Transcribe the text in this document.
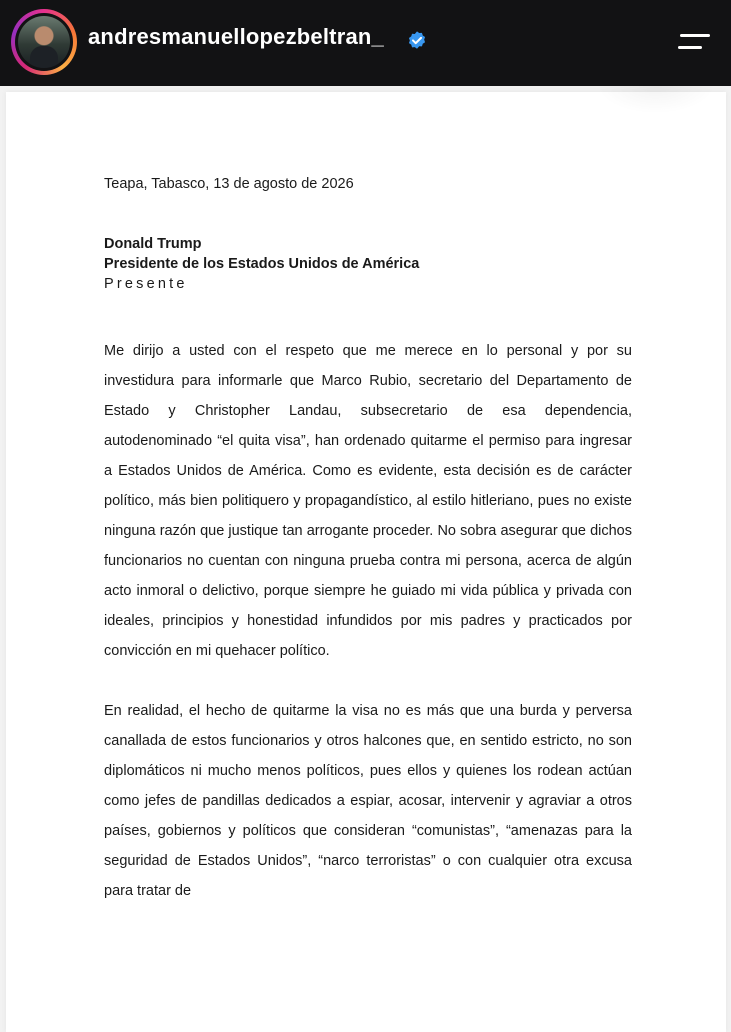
andresmanuellopezbeltran_

Teapa, Tabasco, 13 de agosto de 2026

Donald Trump

Presidente de los Estados Unidos de América

Presente

Me dirijo a usted con el respeto que me merece en lo personal y por su investidura para informarle que Marco Rubio, secretario del Departamento de Estado y Christopher Landau, subsecretario de esa dependencia, autodenominado “el quita visa”, han ordenado quitarme el permiso para ingresar a Estados Unidos de América. Como es evidente, esta decisión es de carácter político, más bien politiquero y propagandístico, al estilo hitleriano, pues no existe ninguna razón que justique tan arrogante proceder. No sobra asegurar que dichos funcionarios no cuentan con ninguna prueba contra mi persona, acerca de algún acto inmoral o delictivo, porque siempre he guiado mi vida pública y privada con ideales, principios y honestidad infundidos por mis padres y practicados por convicción en mi quehacer político.

En realidad, el hecho de quitarme la visa no es más que una burda y perversa canallada de estos funcionarios y otros halcones que, en sentido estricto, no son diplomáticos ni mucho menos políticos, pues ellos y quienes los rodean actúan como jefes de pandillas dedicados a espiar, acosar, intervenir y agraviar a otros países, gobiernos y políticos que consideran “comunistas”, “amenazas para la seguridad de Estados Unidos”, “narco terroristas” o con cualquier otra excusa para tratar de
